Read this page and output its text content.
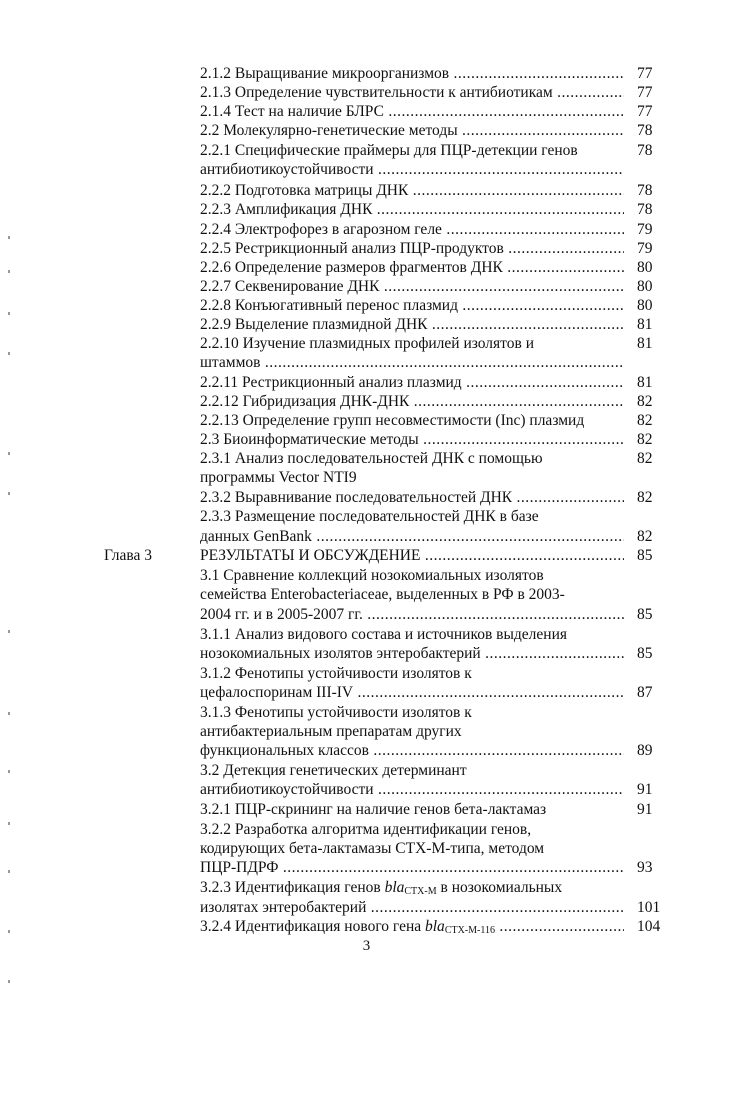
2.1.2 Выращивание микроорганизмов .....	77
2.1.3 Определение чувствительности к антибиотикам .....	77
2.1.4 Тест на наличие БЛРС .....	77
2.2 Молекулярно-генетические методы .....	78
2.2.1 Специфические праймеры для ПЦР-детекции генов	78
антибиотикоустойчивости .....
2.2.2 Подготовка матрицы ДНК .....	78
2.2.3 Амплификация ДНК .....	78
2.2.4 Электрофорез в агарозном геле .....	79
2.2.5 Рестрикционный анализ ПЦР-продуктов .....	79
2.2.6 Определение размеров фрагментов ДНК .....	80
2.2.7 Секвенирование ДНК .....	80
2.2.8 Конъюгативный перенос плазмид .....	80
2.2.9 Выделение плазмидной ДНК .....	81
2.2.10 Изучение плазмидных профилей изолятов и	81
штаммов .....
2.2.11 Рестрикционный анализ плазмид .....	81
2.2.12 Гибридизация ДНК-ДНК .....	82
2.2.13 Определение групп несовместимости (Inc) плазмид	82
2.3 Биоинформатические методы .....	82
2.3.1 Анализ последовательностей ДНК с помощью	82
программы Vector NTI9
2.3.2 Выравнивание последовательностей ДНК .....	82
2.3.3 Размещение последовательностей ДНК в базе
данных GenBank .....	82
Глава 3	РЕЗУЛЬТАТЫ И ОБСУЖДЕНИЕ .....	85
3.1 Сравнение коллекций нозокомиальных изолятов
семейства Enterobacteriaceae, выделенных в РФ в 2003-
2004 гг. и в 2005-2007 гг. .....	85
3.1.1 Анализ видового состава и источников выделения
нозокомиальных изолятов энтеробактерий .....	85
3.1.2 Фенотипы устойчивости изолятов к
цефалоспоринам III-IV .....	87
3.1.3 Фенотипы устойчивости изолятов к
антибактериальным препаратам других
функциональных классов .....	89
3.2 Детекция генетических детерминант
антибиотикоустойчивости .....	91
3.2.1 ПЦР-скрининг на наличие генов бета-лактамаз	91
3.2.2 Разработка алгоритма идентификации генов,
кодирующих бета-лактамазы СТХ-М-типа, методом
ПЦР-ПДРФ .....	93
3.2.3 Идентификация генов bla$_{CTX-M}$ в нозокомиальных
изолятах энтеробактерий .....	101
3.2.4 Идентификация нового гена bla$_{CTX-M-116}$ .....	104
3
